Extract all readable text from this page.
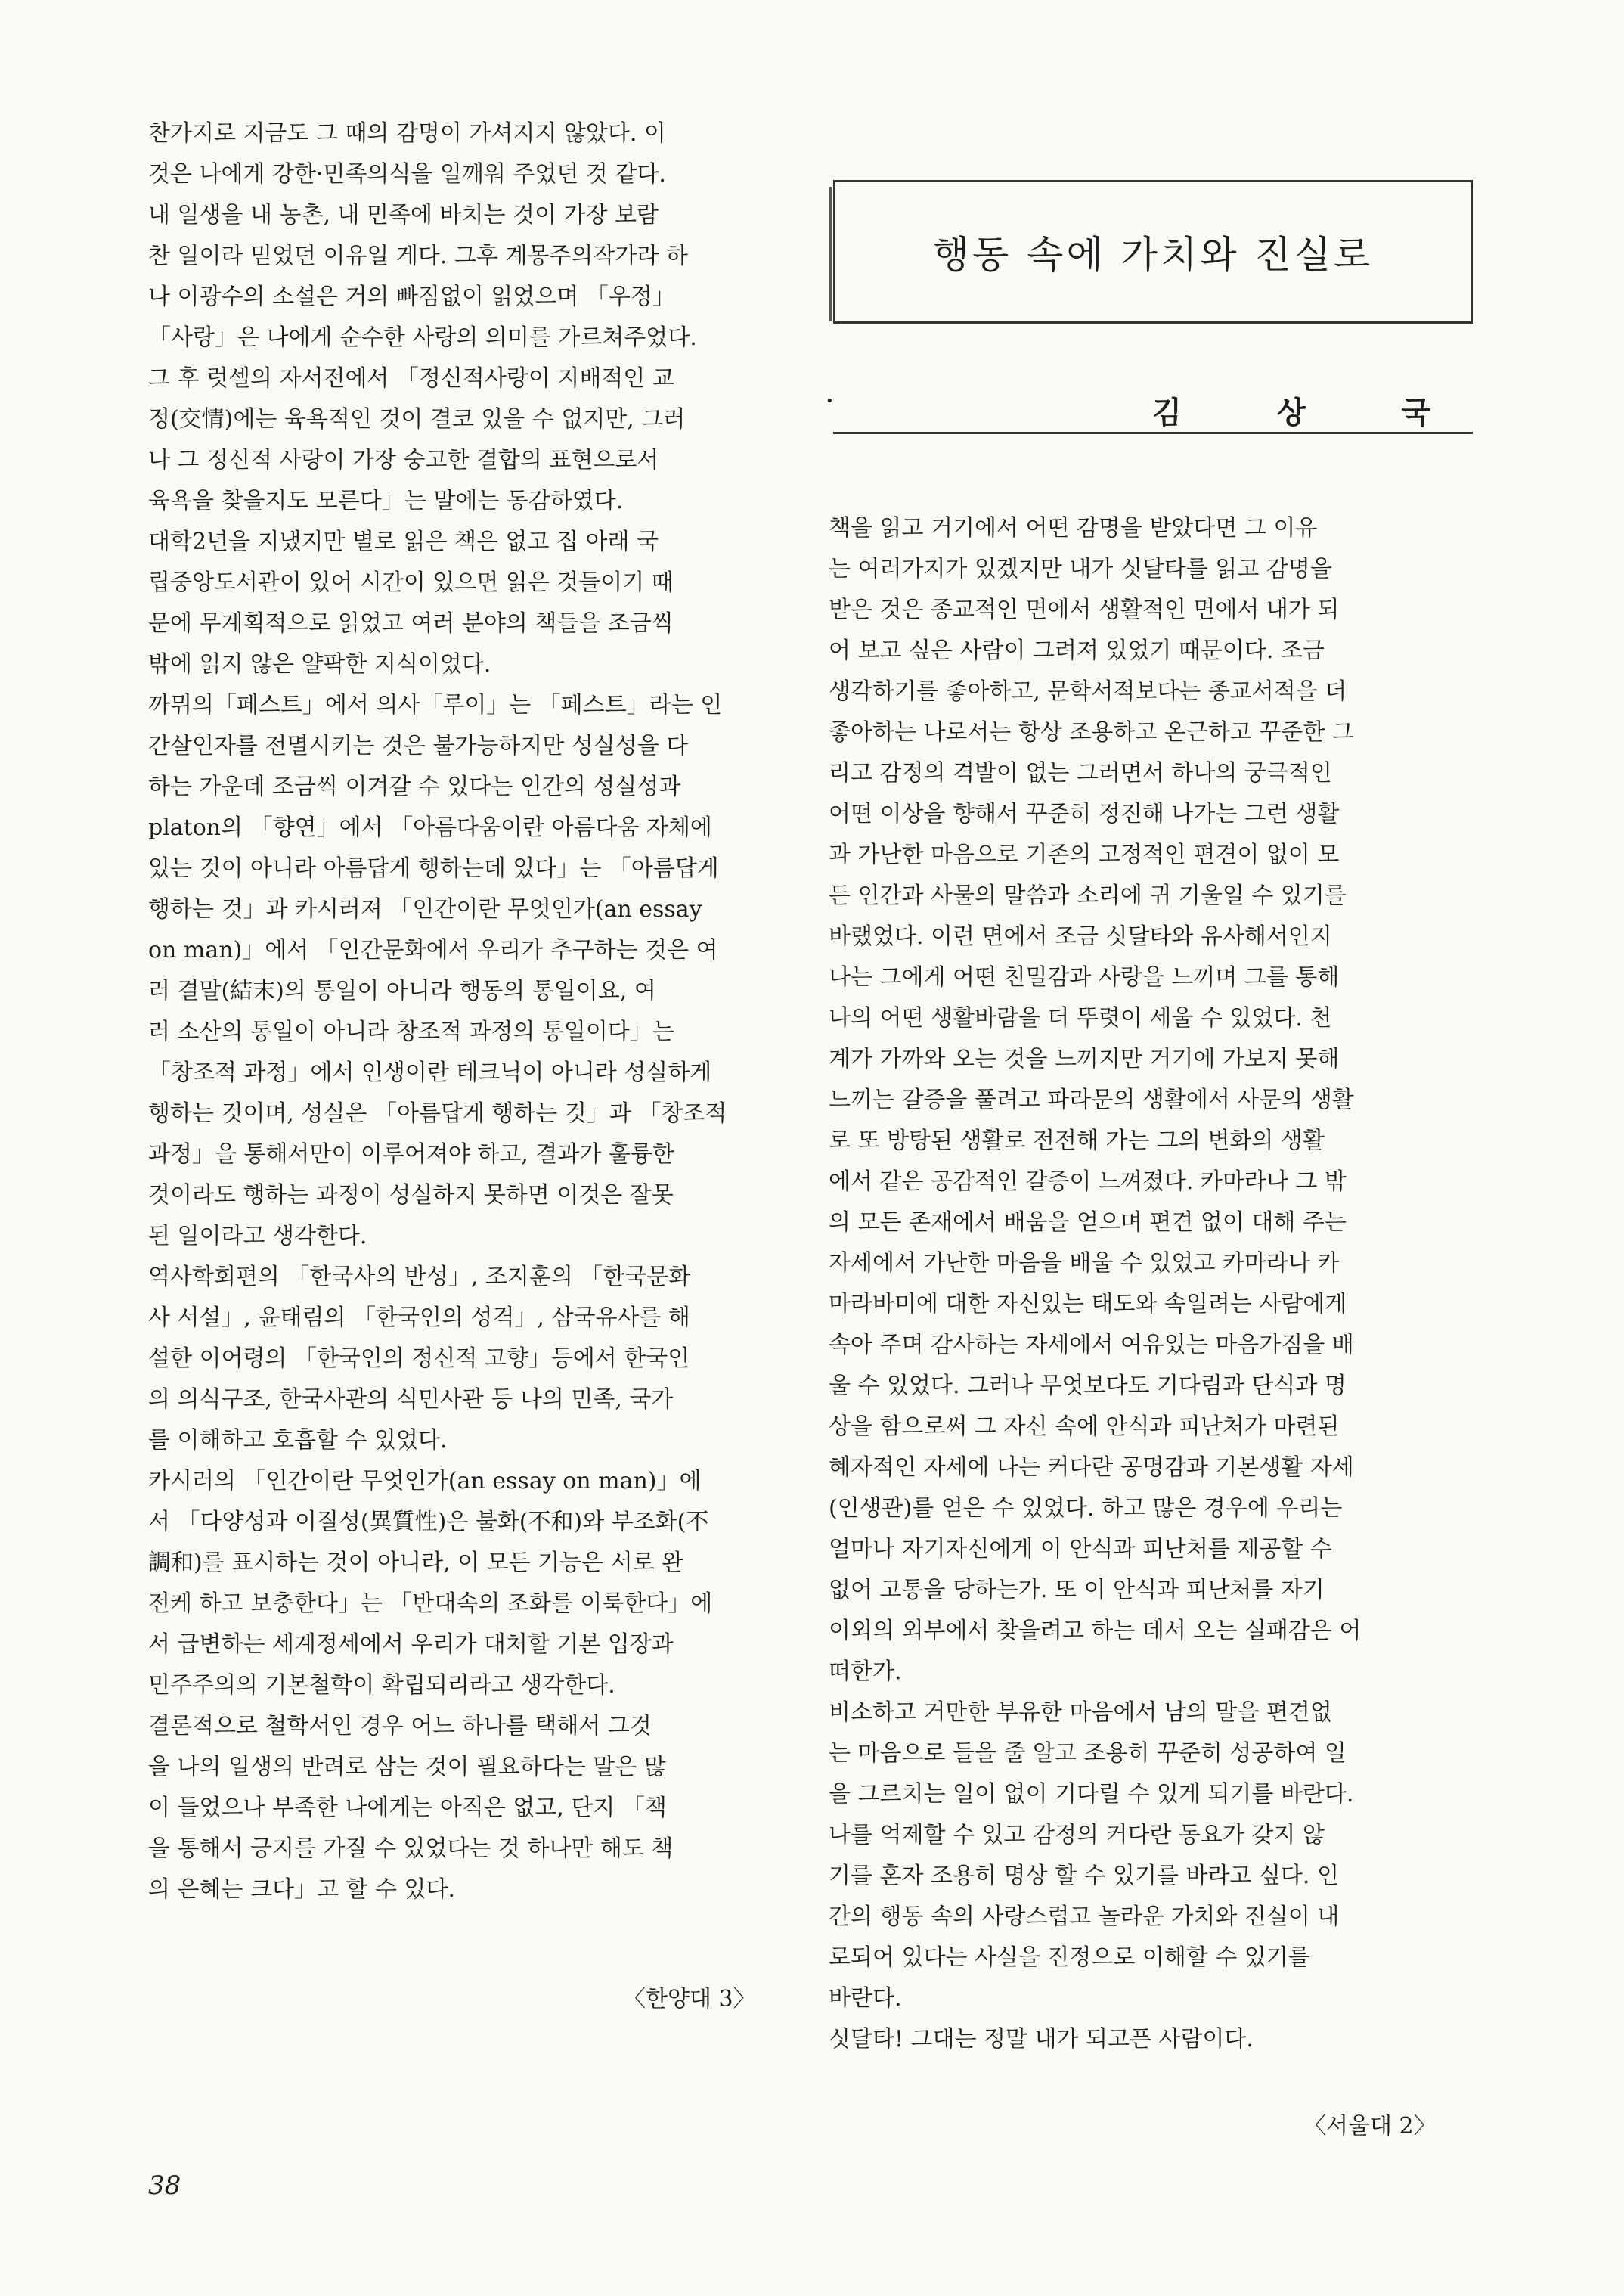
찬가지로 지금도 그 때의 감명이 가셔지지 않았다. 이
것은 나에게 강한·민족의식을 일깨워 주었던 것 같다.

내 일생을 내 농촌, 내 민족에 바치는 것이 가장 보람
찬 일이라 믿었던 이유일 게다. 그후 계몽주의작가라 하
나 이광수의 소설은 거의 빠짐없이 읽었으며 「우정」
「사랑」은 나에게 순수한 사랑의 의미를 가르쳐주었다.

그 후 럿셀의 자서전에서 「정신적사랑이 지배적인 교
정(交情)에는 육욕적인 것이 결코 있을 수 없지만, 그러
나 그 정신적 사랑이 가장 숭고한 결합의 표현으로서
육욕을 찾을지도 모른다」는 말에는 동감하였다.

대학2년을 지냈지만 별로 읽은 책은 없고 집 아래 국
립중앙도서관이 있어 시간이 있으면 읽은 것들이기 때
문에 무계획적으로 읽었고 여러 분야의 책들을 조금씩
밖에 읽지 않은 얄팍한 지식이었다.

까뮈의「페스트」에서 의사「루이」는 「페스트」라는 인
간살인자를 전멸시키는 것은 불가능하지만 성실성을 다
하는 가운데 조금씩 이겨갈 수 있다는 인간의 성실성과
platon의 「향연」에서 「아름다움이란 아름다움 자체에
있는 것이 아니라 아름답게 행하는데 있다」는 「아름답게
행하는 것」과 카시러져 「인간이란 무엇인가(an essay
on man)」에서 「인간문화에서 우리가 추구하는 것은 여
러 결말(結末)의 통일이 아니라 행동의 통일이요, 여
러 소산의 통일이 아니라 창조적 과정의 통일이다」는
「창조적 과정」에서 인생이란 테크닉이 아니라 성실하게
행하는 것이며, 성실은 「아름답게 행하는 것」과 「창조적
과정」을 통해서만이 이루어져야 하고, 결과가 훌륭한
것이라도 행하는 과정이 성실하지 못하면 이것은 잘못
된 일이라고 생각한다.

역사학회편의 「한국사의 반성」, 조지훈의 「한국문화
사 서설」, 윤태림의 「한국인의 성격」, 삼국유사를 해
설한 이어령의 「한국인의 정신적 고향」등에서 한국인
의 의식구조, 한국사관의 식민사관 등 나의 민족, 국가
를 이해하고 호흡할 수 있었다.

카시러의 「인간이란 무엇인가(an essay on man)」에
서 「다양성과 이질성(異質性)은 불화(不和)와 부조화(不
調和)를 표시하는 것이 아니라, 이 모든 기능은 서로 완
전케 하고 보충한다」는 「반대속의 조화를 이룩한다」에
서 급변하는 세계정세에서 우리가 대처할 기본 입장과
민주주의의 기본철학이 확립되리라고 생각한다.

결론적으로 철학서인 경우 어느 하나를 택해서 그것
을 나의 일생의 반려로 삼는 것이 필요하다는 말은 많
이 들었으나 부족한 나에게는 아직은 없고, 단지 「책
을 통해서 긍지를 가질 수 있었다는 것 하나만 해도 책
의 은혜는 크다」고 할 수 있다.

행동 속에 가치와 진실로
•	김 상 국

책을 읽고 거기에서 어떤 감명을 받았다면 그 이유
는 여러가지가 있겠지만 내가 싯달타를 읽고 감명을
받은 것은 종교적인 면에서 생활적인 면에서 내가 되
어 보고 싶은 사람이 그려져 있었기 때문이다. 조금
생각하기를 좋아하고, 문학서적보다는 종교서적을 더
좋아하는 나로서는 항상 조용하고 온근하고 꾸준한 그
리고 감정의 격발이 없는 그러면서 하나의 궁극적인
어떤 이상을 향해서 꾸준히 정진해 나가는 그런 생활
과 가난한 마음으로 기존의 고정적인 편견이 없이 모
든 인간과 사물의 말씀과 소리에 귀 기울일 수 있기를
바랬었다. 이런 면에서 조금 싯달타와 유사해서인지
나는 그에게 어떤 친밀감과 사랑을 느끼며 그를 통해
나의 어떤 생활바람을 더 뚜렷이 세울 수 있었다. 천
계가 가까와 오는 것을 느끼지만 거기에 가보지 못해
느끼는 갈증을 풀려고 파라문의 생활에서 사문의 생활
로 또 방탕된 생활로 전전해 가는 그의 변화의 생활
에서 같은 공감적인 갈증이 느껴졌다. 카마라나 그 밖
의 모든 존재에서 배움을 얻으며 편견 없이 대해 주는
자세에서 가난한 마음을 배울 수 있었고 카마라나 카
마라바미에 대한 자신있는 태도와 속일려는 사람에게
속아 주며 감사하는 자세에서 여유있는 마음가짐을 배
울 수 있었다. 그러나 무엇보다도 기다림과 단식과 명
상을 함으로써 그 자신 속에 안식과 피난처가 마련된
혜자적인 자세에 나는 커다란 공명감과 기본생활 자세
(인생관)를 얻은 수 있었다. 하고 많은 경우에 우리는
얼마나 자기자신에게 이 안식과 피난처를 제공할 수
없어 고통을 당하는가. 또 이 안식과 피난처를 자기
이외의 외부에서 찾을려고 하는 데서 오는 실패감은 어
떠한가.

비소하고 거만한 부유한 마음에서 남의 말을 편견없
는 마음으로 들을 줄 알고 조용히 꾸준히 성공하여 일
을 그르치는 일이 없이 기다릴 수 있게 되기를 바란다.
나를 억제할 수 있고 감정의 커다란 동요가 갖지 않
기를 혼자 조용히 명상 할 수 있기를 바라고 싶다. 인
간의 행동 속의 사랑스럽고 놀라운 가치와 진실이 내
로되어 있다는 사실을 진정으로 이해할 수 있기를
바란다.

싯달타! 그대는 정말 내가 되고픈 사람이다.

〈한양대 3〉
〈서울대 2〉
38
